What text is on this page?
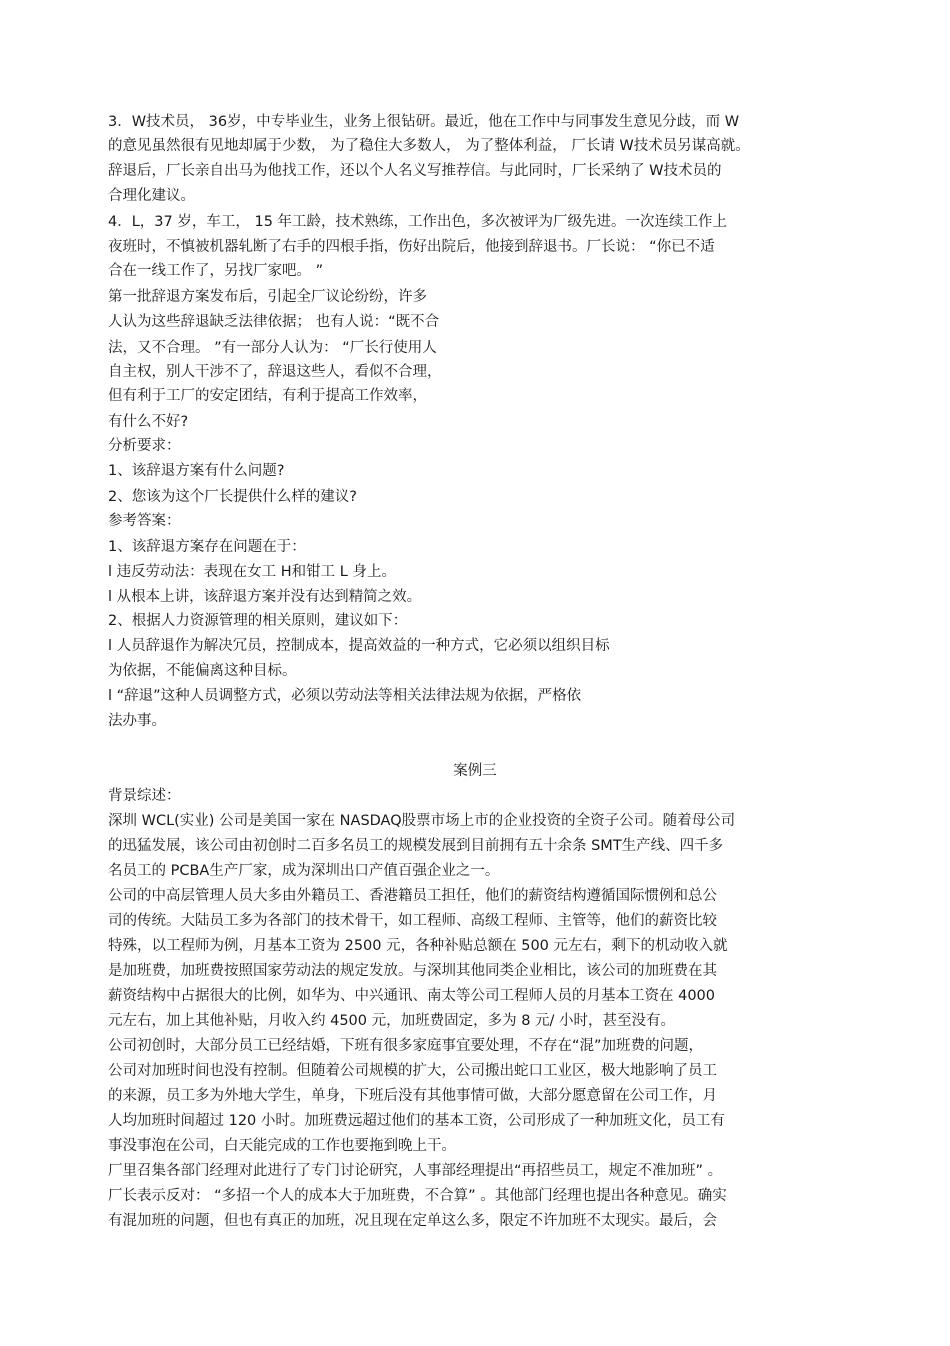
3．W技术员， 36岁，中专毕业生，业务上很钻研。最近，他在工作中与同事发生意见分歧，而 W
的意见虽然很有见地却属于少数， 为了稳住大多数人， 为了整体利益， 厂长请 W技术员另谋高就。
辞退后，厂长亲自出马为他找工作，还以个人名义写推荐信。与此同时，厂长采纳了 W技术员的
合理化建议。
4．L，37 岁，车工， 15 年工龄，技术熟练，工作出色，多次被评为厂级先进。一次连续工作上
夜班时，不慎被机器轧断了右手的四根手指，伤好出院后，他接到辞退书。厂长说： “你已不适
合在一线工作了，另找厂家吧。 ”
第一批辞退方案发布后，引起全厂议论纷纷，许多
人认为这些辞退缺乏法律依据； 也有人说：“既不合
法，又不合理。 ”有一部分人认为： “厂长行使用人
自主权，别人干涉不了，辞退这些人，看似不合理，
但有利于工厂的安定团结，有利于提高工作效率，
有什么不好?
分析要求：
1、该辞退方案有什么问题?
2、您该为这个厂长提供什么样的建议?
参考答案：
1、该辞退方案存在问题在于：
l 违反劳动法：表现在女工 H和钳工 L 身上。
l 从根本上讲，该辞退方案并没有达到精简之效。
2、根据人力资源管理的相关原则，建议如下：
l 人员辞退作为解决冗员，控制成本，提高效益的一种方式，它必须以组织目标
为依据，不能偏离这种目标。
l “辞退”这种人员调整方式，必须以劳动法等相关法律法规为依据，严格依
法办事。
案例三
背景综述：
深圳 WCL(实业) 公司是美国一家在 NASDAQ股票市场上市的企业投资的全资子公司。随着母公司
的迅猛发展，该公司由初创时二百多名员工的规模发展到目前拥有五十余条 SMT生产线、四千多
名员工的 PCBA生产厂家，成为深圳出口产值百强企业之一。
公司的中高层管理人员大多由外籍员工、香港籍员工担任，他们的薪资结构遵循国际惯例和总公
司的传统。大陆员工多为各部门的技术骨干，如工程师、高级工程师、主管等，他们的薪资比较
特殊，以工程师为例，月基本工资为 2500 元，各种补贴总额在 500 元左右，剩下的机动收入就
是加班费，加班费按照国家劳动法的规定发放。与深圳其他同类企业相比，该公司的加班费在其
薪资结构中占据很大的比例，如华为、中兴通讯、南太等公司工程师人员的月基本工资在 4000
元左右，加上其他补贴，月收入约 4500 元，加班费固定，多为 8 元/ 小时，甚至没有。
公司初创时，大部分员工已经结婚，下班有很多家庭事宜要处理，不存在“混”加班费的问题，
公司对加班时间也没有控制。但随着公司规模的扩大，公司搬出蛇口工业区，极大地影响了员工
的来源，员工多为外地大学生，单身，下班后没有其他事情可做，大部分愿意留在公司工作，月
人均加班时间超过 120 小时。加班费远超过他们的基本工资，公司形成了一种加班文化，员工有
事没事泡在公司，白天能完成的工作也要拖到晚上干。
厂里召集各部门经理对此进行了专门讨论研究，人事部经理提出“再招些员工，规定不准加班” 。
厂长表示反对： “多招一个人的成本大于加班费，不合算” 。其他部门经理也提出各种意见。确实
有混加班的问题，但也有真正的加班，况且现在定单这么多，限定不许加班不太现实。最后，会
